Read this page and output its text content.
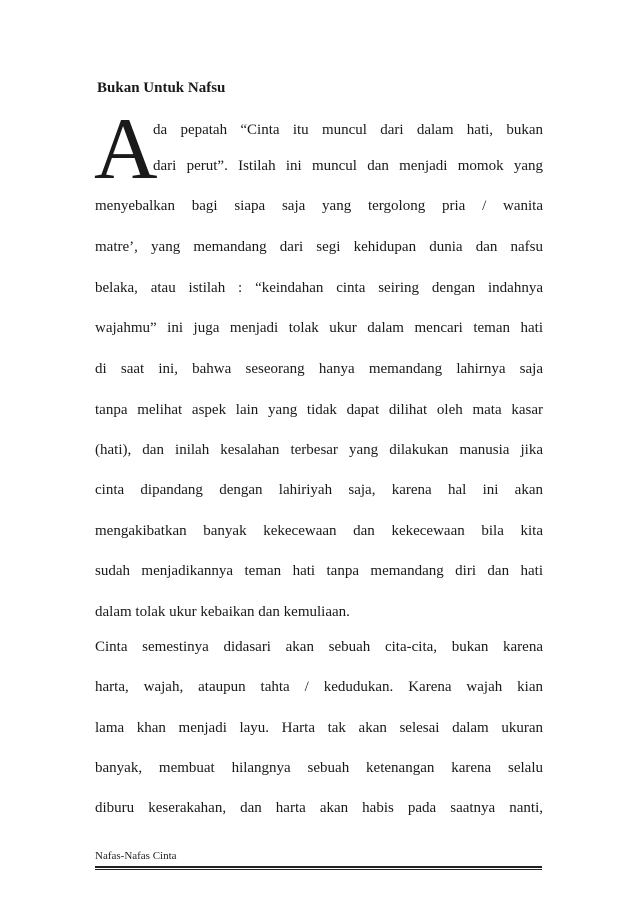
Bukan Untuk Nafsu
A
da pepatah “Cinta itu muncul dari dalam hati, bukan
dari perut”. Istilah ini muncul dan menjadi momok yang
menyebalkan bagi siapa saja yang tergolong pria / wanita
matre’, yang memandang dari segi kehidupan dunia dan nafsu
belaka, atau istilah : “keindahan cinta seiring dengan indahnya
wajahmu” ini juga menjadi tolak ukur dalam mencari teman hati
di saat ini, bahwa seseorang hanya memandang lahirnya saja
tanpa melihat aspek lain yang tidak dapat dilihat oleh mata kasar
(hati), dan inilah kesalahan terbesar yang dilakukan manusia jika
cinta dipandang dengan lahiriyah saja, karena hal ini akan
mengakibatkan banyak kekecewaan dan kekecewaan bila kita
sudah menjadikannya teman hati tanpa memandang diri dan hati
dalam tolak ukur kebaikan dan kemuliaan.
Cinta semestinya didasari akan sebuah cita-cita, bukan karena
harta, wajah, ataupun tahta / kedudukan. Karena wajah kian
lama khan menjadi layu. Harta tak akan selesai dalam ukuran
banyak, membuat hilangnya sebuah ketenangan karena selalu
diburu keserakahan, dan harta akan habis pada saatnya nanti,
Nafas-Nafas Cinta
